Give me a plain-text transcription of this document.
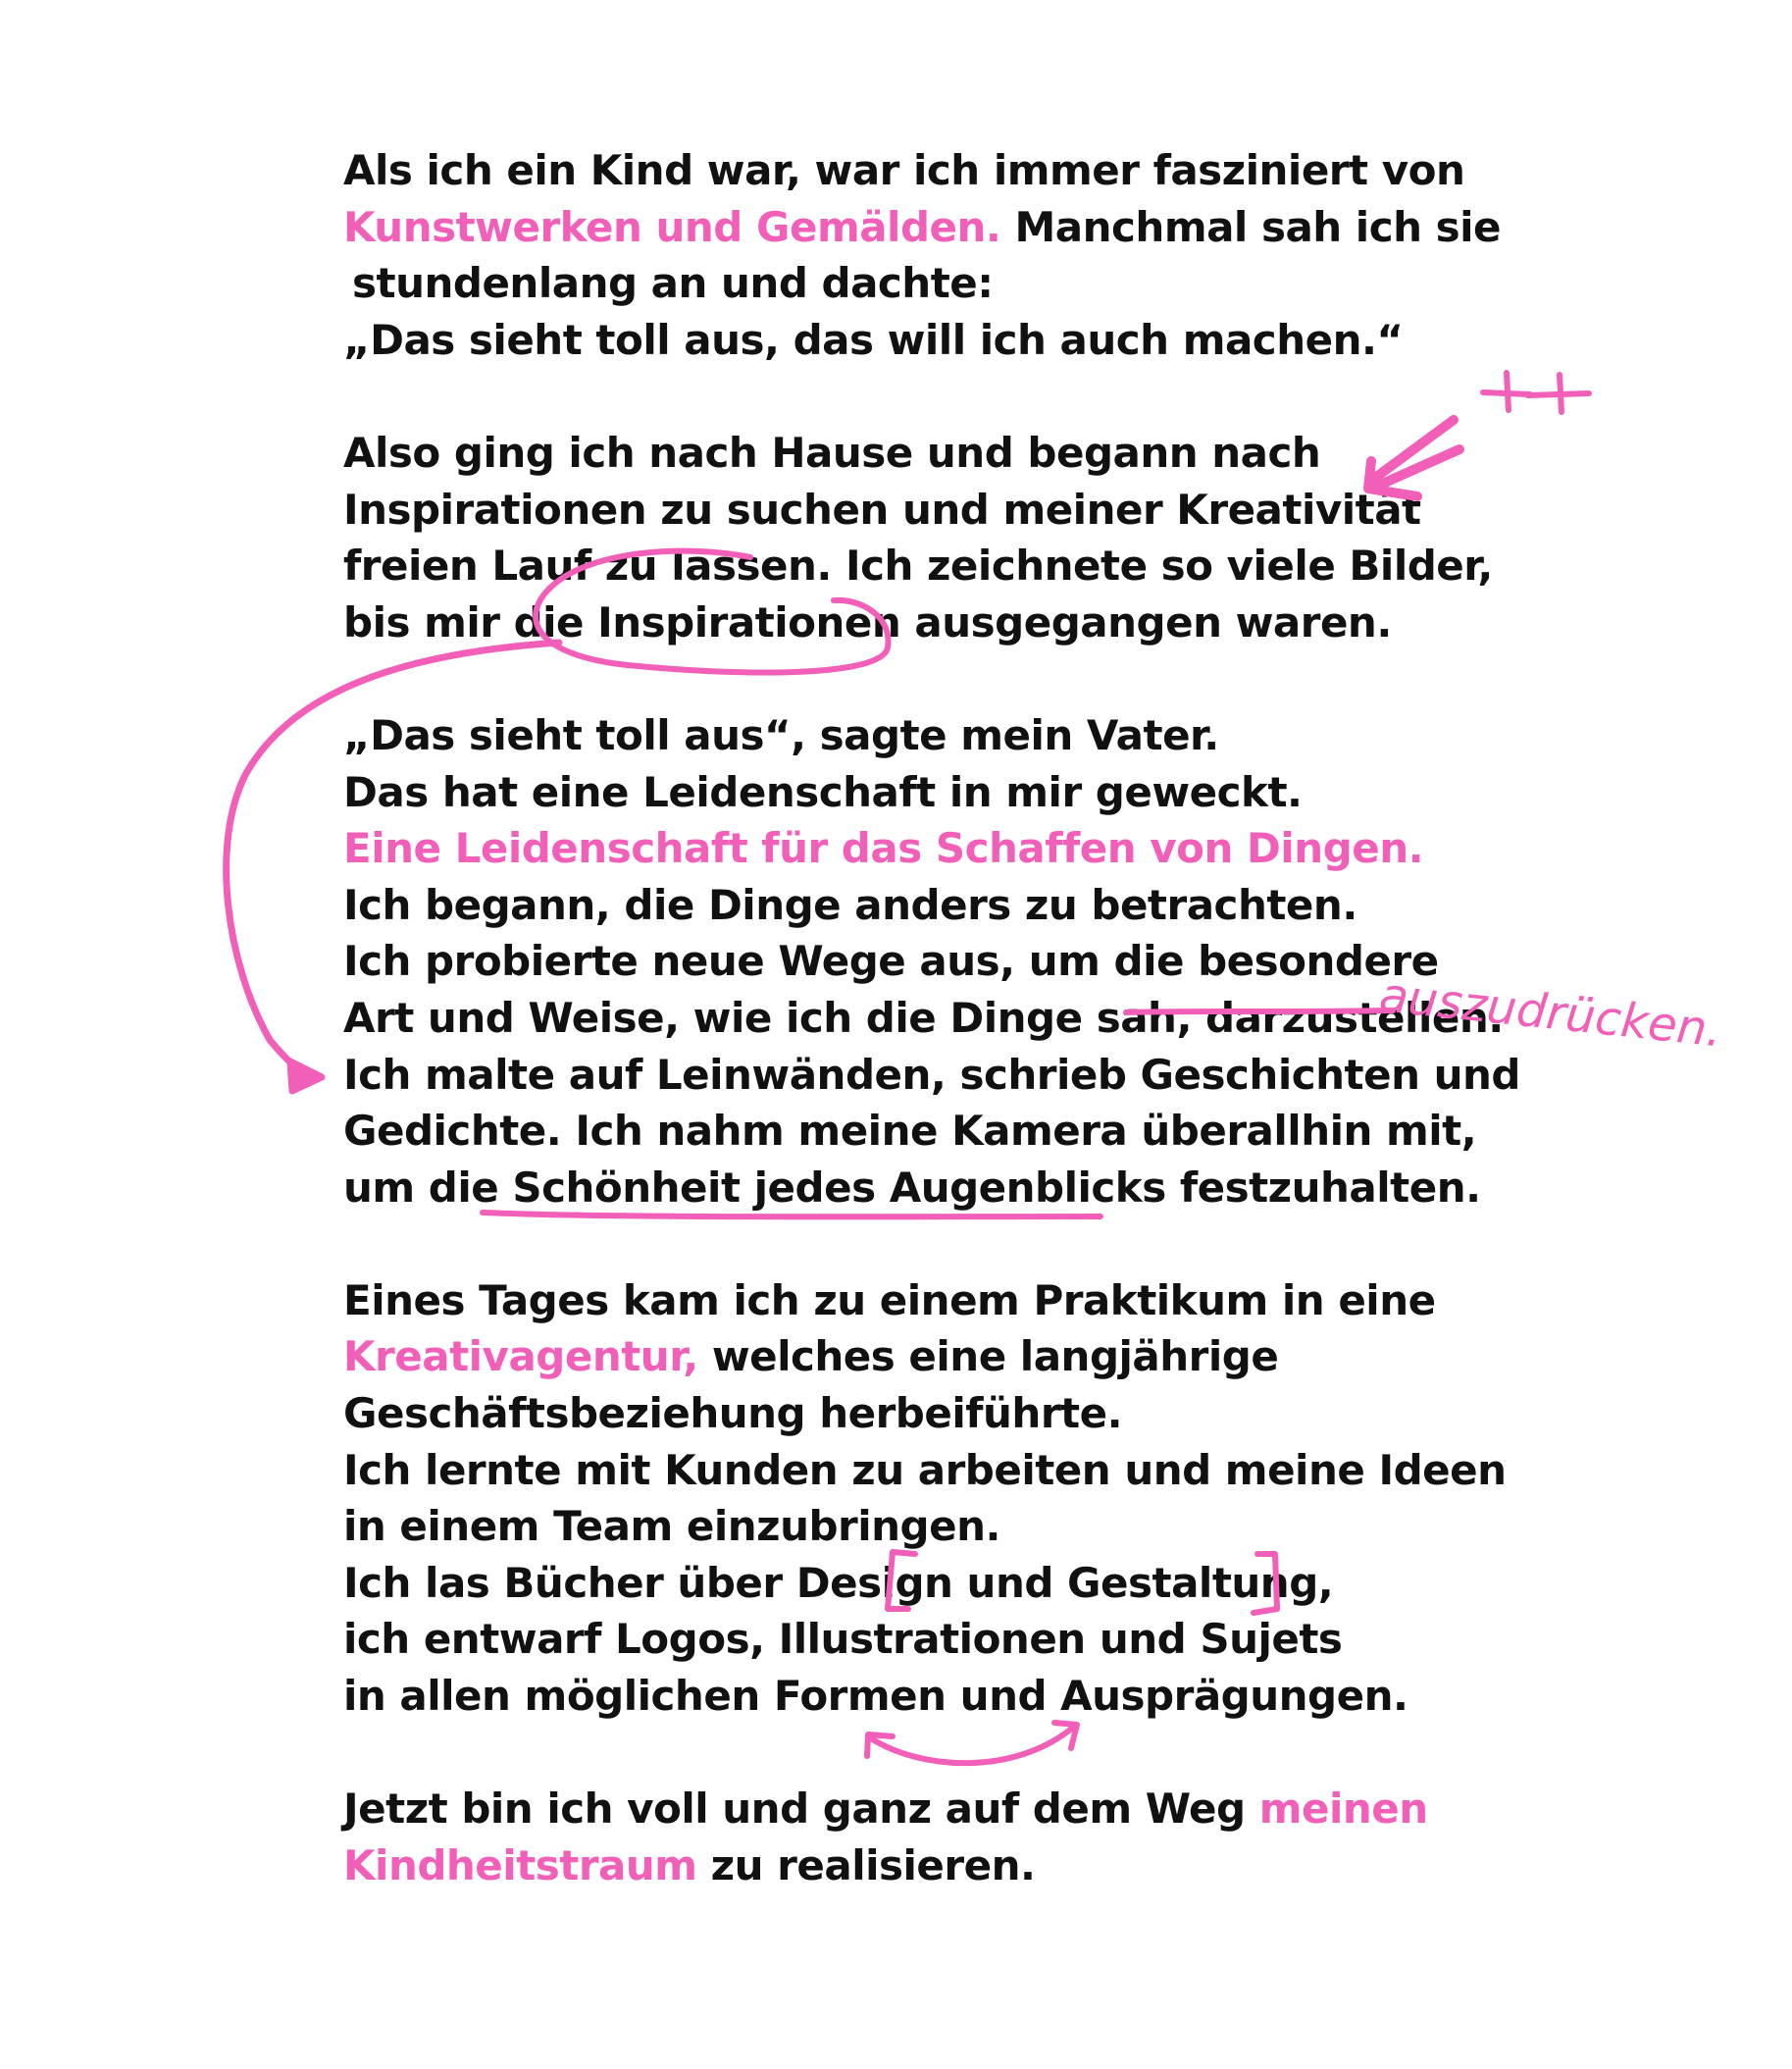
Als ich ein Kind war, war ich immer fasziniert von
Kunstwerken und Gemälden. Manchmal sah ich sie
stundenlang an und dachte:
„Das sieht toll aus, das will ich auch machen.“
Also ging ich nach Hause und begann nach
Inspirationen zu suchen und meiner Kreativität
freien Lauf zu lassen. Ich zeichnete so viele Bilder,
bis mir die Inspirationen ausgegangen waren.
„Das sieht toll aus“, sagte mein Vater.
Das hat eine Leidenschaft in mir geweckt.
Eine Leidenschaft für das Schaffen von Dingen.
Ich begann, die Dinge anders zu betrachten.
Ich probierte neue Wege aus, um die besondere
Art und Weise, wie ich die Dinge sah, darzustellen.
Ich malte auf Leinwänden, schrieb Geschichten und
Gedichte. Ich nahm meine Kamera überallhin mit,
um die Schönheit jedes Augenblicks festzuhalten.
Eines Tages kam ich zu einem Praktikum in eine
Kreativagentur, welches eine langjährige
Geschäftsbeziehung herbeiführte.
Ich lernte mit Kunden zu arbeiten und meine Ideen
in einem Team einzubringen.
Ich las Bücher über Design und Gestaltung,
ich entwarf Logos, Illustrationen und Sujets
in allen möglichen Formen und Ausprägungen.
Jetzt bin ich voll und ganz auf dem Weg meinen
Kindheitstraum zu realisieren.
auszudrücken.
